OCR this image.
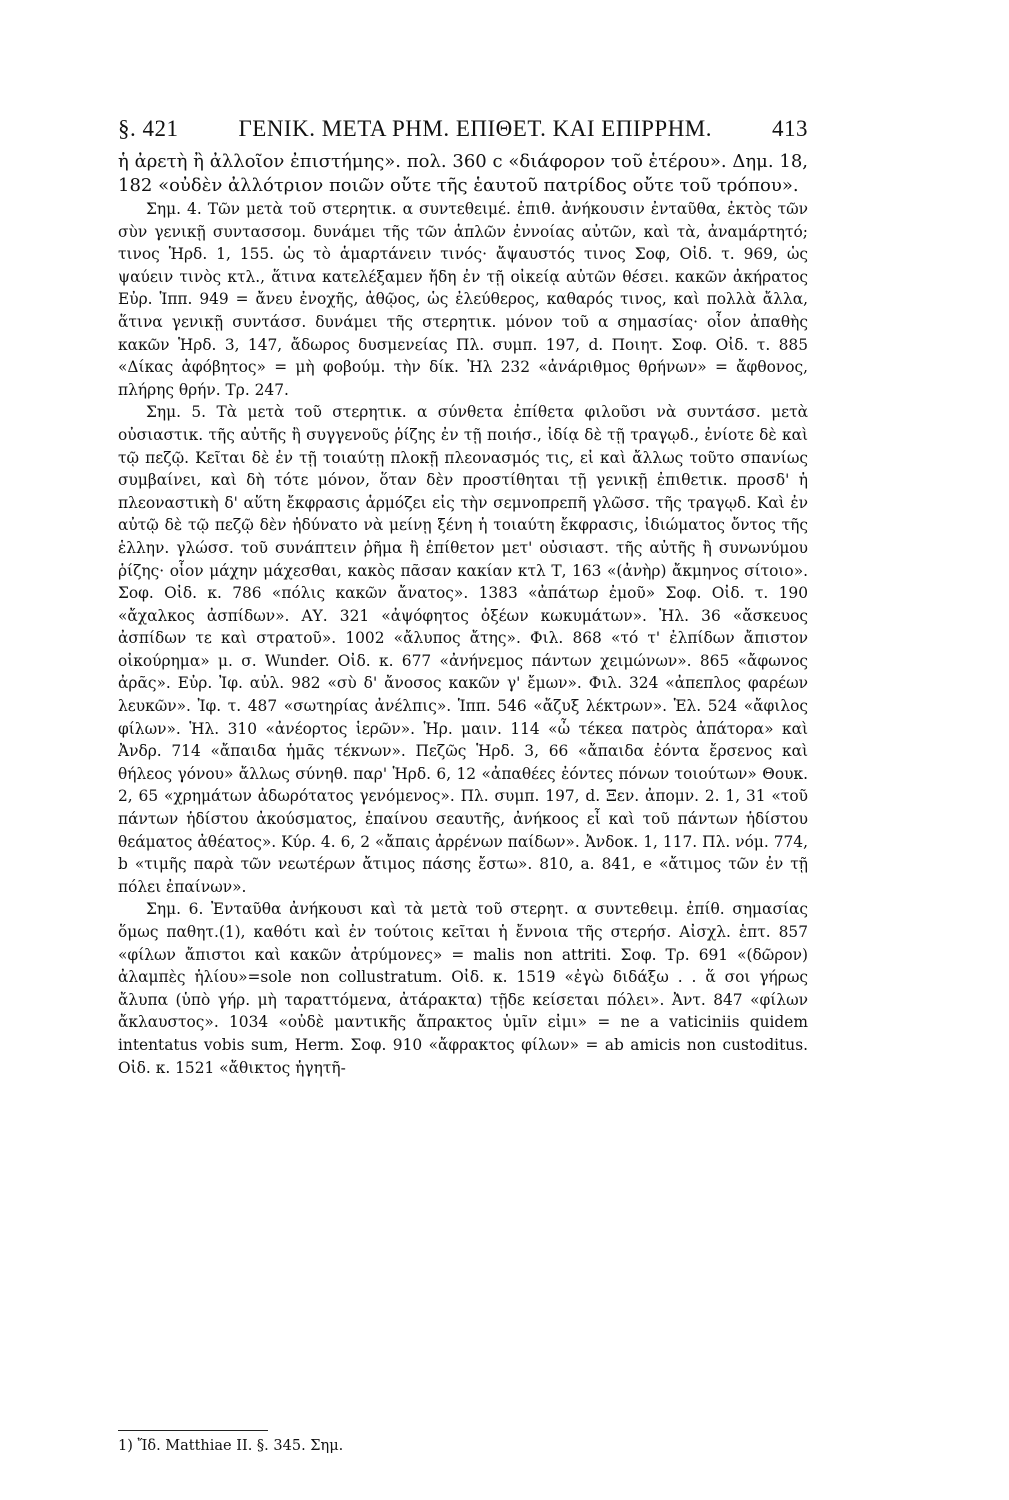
§. 421	ΓΕΝΙΚ. ΜΕΤΑ ΡΗΜ. ΕΠΙΘΕΤ. ΚΑΙ ΕΠΙΡΡΗΜ.	413

ἡ ἀρετὴ ἢ ἀλλοῖον ἐπιστήμης». πολ. 360 c «διάφορον τοῦ ἑτέρου». Δημ. 18, 182 «οὐδὲν ἀλλότριον ποιῶν οὔτε τῆς ἑαυτοῦ πατρίδος οὔτε τοῦ τρόπου».

Σημ. 4. Τῶν μετὰ τοῦ στερητικ. α συντεθειμέ. ἐπιθ. ἀνήκουσιν ἐνταῦθα, ἐκτὸς τῶν σὺν γενικῇ συντασσομ. δυνάμει τῆς τῶν ἁπλῶν ἐννοίας αὐτῶν, καὶ τὰ, ἀναμάρτητό; τινος Ἡρδ. 1, 155. ὡς τὸ ἁμαρτάνειν τινός· ἄψαυστός τινος Σοφ, Οἰδ. τ. 969, ὡς ψαύειν τινὸς κτλ., ἅτινα κατελέξαμεν ἤδη ἐν τῇ οἰκείᾳ αὐτῶν θέσει. κακῶν ἀκήρατος Εὐρ. Ἱππ. 949 = ἄνευ ἐνοχῆς, ἀθῷος, ὡς ἐλεύθερος, καθαρός τινος, καὶ πολλὰ ἄλλα, ἅτινα γενικῇ συντάσσ. δυνάμει τῆς στερητικ. μόνον τοῦ α σημασίας· οἷον ἀπαθὴς κακῶν Ἡρδ. 3, 147, ἄδωρος δυσμενείας Πλ. συμπ. 197, d. Ποιητ. Σοφ. Οἰδ. τ. 885 «Δίκας ἀφόβητος» = μὴ φοβούμ. τὴν δίκ. Ἠλ 232 «ἀνάριθμος θρήνων» = ἄφθονος, πλήρης θρήν. Τρ. 247.

Σημ. 5. Τὰ μετὰ τοῦ στερητικ. α σύνθετα ἐπίθετα φιλοῦσι νὰ συντάσσ. μετὰ οὐσιαστικ. τῆς αὐτῆς ἢ συγγενοῦς ῥίζης ἐν τῇ ποιήσ., ἰδίᾳ δὲ τῇ τραγῳδ., ἐνίοτε δὲ καὶ τῷ πεζῷ. Κεῖται δὲ ἐν τῇ τοιαύτῃ πλοκῇ πλεονασμός τις, εἰ καὶ ἄλλως τοῦτο σπανίως συμβαίνει, καὶ δὴ τότε μόνον, ὅταν δὲν προστίθηται τῇ γενικῇ ἐπιθετικ. προσδ' ἡ πλεοναστικὴ δ' αὕτη ἔκφρασις ἁρμόζει εἰς τὴν σεμνοπρεπῆ γλῶσσ. τῆς τραγῳδ. Καὶ ἐν αὐτῷ δὲ τῷ πεζῷ δὲν ἠδύνατο νὰ μείνῃ ξένη ἡ τοιαύτη ἔκφρασις, ἰδιώματος ὄντος τῆς ἑλλην. γλώσσ. τοῦ συνάπτειν ῥῆμα ἢ ἐπίθετον μετ' οὐσιαστ. τῆς αὐτῆς ἢ συνωνύμου ῥίζης· οἷον μάχην μάχεσθαι, κακὸς πᾶσαν κακίαν κτλ Τ, 163 «(ἀνὴρ) ἄκμηνος σίτοιο». Σοφ. Οἰδ. κ. 786 «πόλις κακῶν ἄνατος». 1383 «ἀπάτωρ ἐμοῦ» Σοφ. Οἰδ. τ. 190 «ἄχαλκος ἀσπίδων». ΑΥ. 321 «ἀψόφητος ὀξέων κωκυμάτων». Ἠλ. 36 «ἄσκευος ἀσπίδων τε καὶ στρατοῦ». 1002 «ἄλυπος ἄτης». Φιλ. 868 «τό τ' ἐλπίδων ἄπιστον οἰκούρημα» μ. σ. Wunder. Οἰδ. κ. 677 «ἀνήνεμος πάντων χειμώνων». 865 «ἄφωνος ἀρᾶς». Εὐρ. Ἰφ. αὐλ. 982 «σὺ δ' ἄνοσος κακῶν γ' ἔμων». Φιλ. 324 «ἀπεπλος φαρέων λευκῶν». Ἰφ. τ. 487 «σωτηρίας ἀνέλπις». Ἱππ. 546 «ἄζυξ λέκτρων». Ἑλ. 524 «ἄφιλος φίλων». Ἡλ. 310 «ἀνέορτος ἱερῶν». Ἡρ. μαιν. 114 «ὦ τέκεα πατρὸς ἀπάτορα» καὶ Ἀνδρ. 714 «ἄπαιδα ἡμᾶς τέκνων». Πεζῶς Ἡρδ. 3, 66 «ἄπαιδα ἐόντα ἔρσενος καὶ θήλεος γόνου» ἄλλως σύνηθ. παρ' Ἡρδ. 6, 12 «ἀπαθέες ἐόντες πόνων τοιούτων» Θουκ. 2, 65 «χρημάτων ἀδωρότατος γενόμενος». Πλ. συμπ. 197, d. Ξεν. ἀπομν. 2. 1, 31 «τοῦ πάντων ἡδίστου ἀκούσματος, ἐπαίνου σεαυτῆς, ἀνήκοος εἶ καὶ τοῦ πάντων ἡδίστου θεάματος ἀθέατος». Κύρ. 4. 6, 2 «ἄπαις ἀρρένων παίδων». Ἀνδοκ. 1, 117. Πλ. νόμ. 774, b «τιμῆς παρὰ τῶν νεωτέρων ἄτιμος πάσης ἔστω». 810, a. 841, e «ἄτιμος τῶν ἐν τῇ πόλει ἐπαίνων».

Σημ. 6. Ἐνταῦθα ἀνήκουσι καὶ τὰ μετὰ τοῦ στερητ. α συντεθειμ. ἐπίθ. σημασίας ὅμως παθητ.(1), καθότι καὶ ἐν τούτοις κεῖται ἡ ἔννοια τῆς στερήσ. Αἰσχλ. ἑπτ. 857 «φίλων ἄπιστοι καὶ κακῶν ἀτρύμονες» = malis non attriti. Σοφ. Τρ. 691 «(δῶρον) ἀλαμπὲς ἡλίου»=sole non collustratum. Οἰδ. κ. 1519 «ἐγὼ διδάξω . . ἅ σοι γήρως ἄλυπα (ὑπὸ γήρ. μὴ ταραττόμενα, ἀτάρακτα) τῇδε κείσεται πόλει». Ἀντ. 847 «φίλων ἄκλαυστος». 1034 «οὐδὲ μαντικῆς ἄπρακτος ὑμῖν εἰμι» = ne a vaticiniis quidem intentatus vobis sum, Herm. Σοφ. 910 «ἄφρακτος φίλων» = ab amicis non custoditus. Οἰδ. κ. 1521 «ἄθικτος ἡγητῆ-

1) Ἴδ. Matthiae II. §. 345. Σημ.
